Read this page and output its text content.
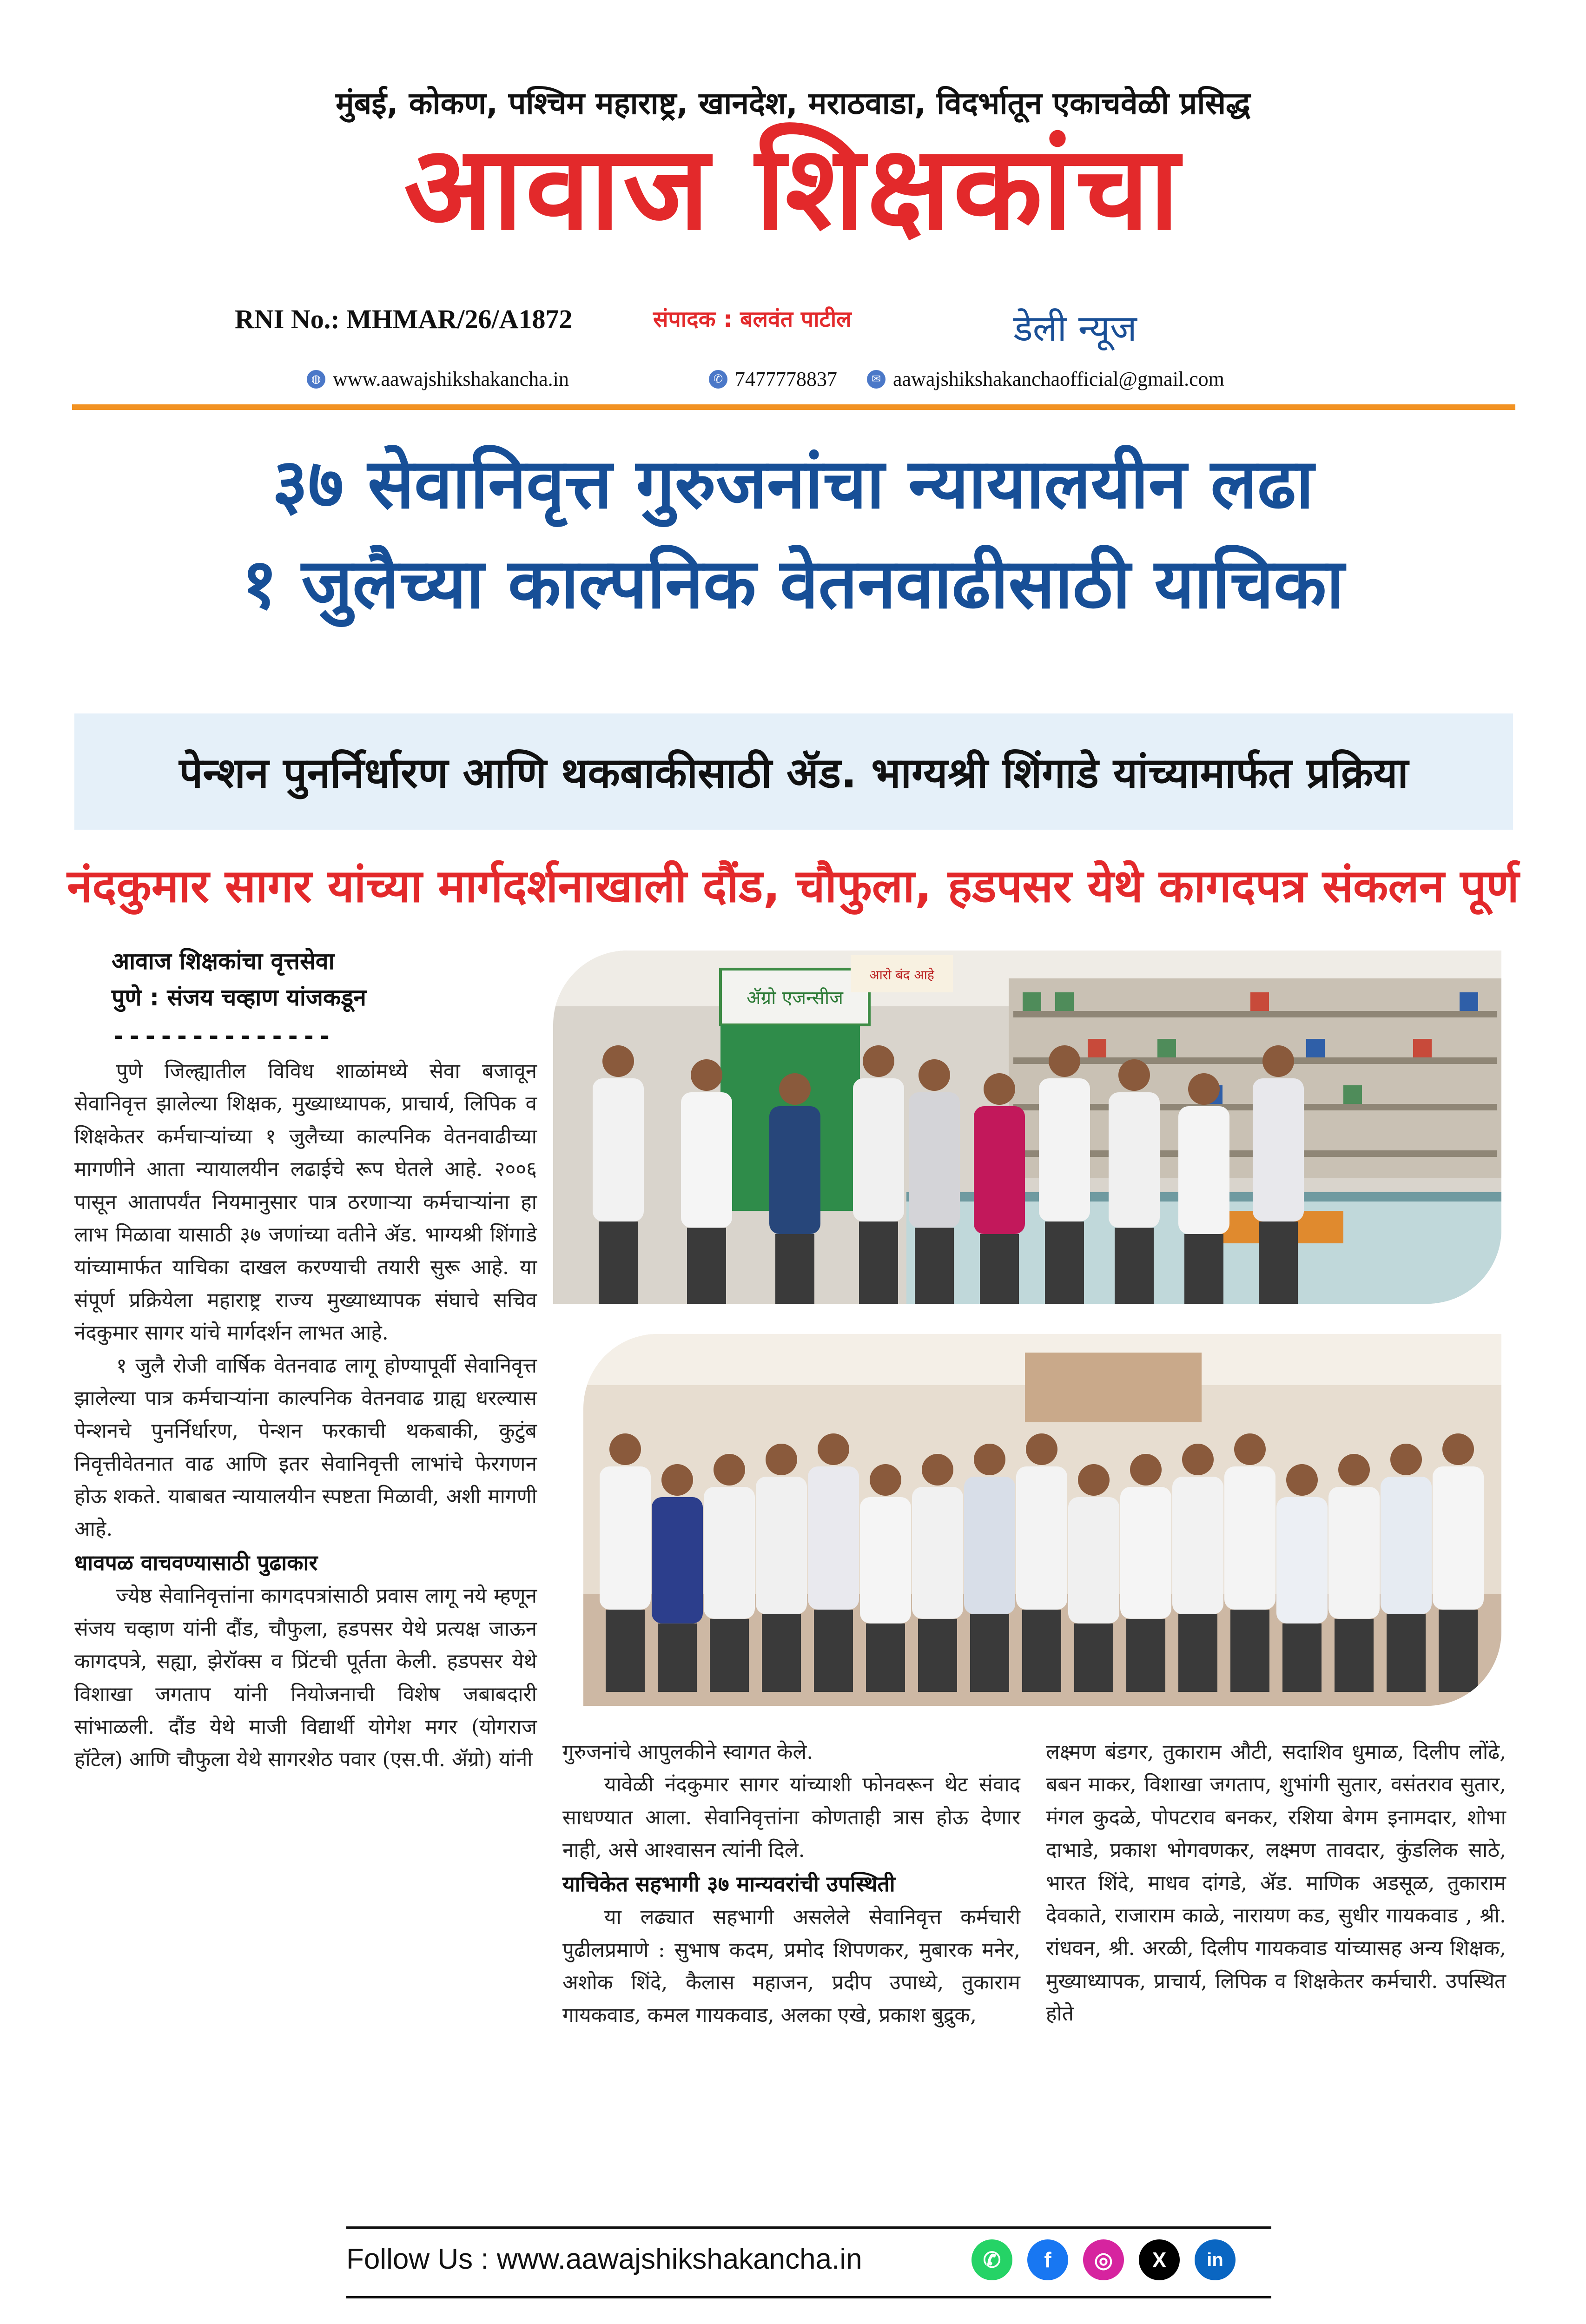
मुंबई, कोकण, पश्चिम महाराष्ट्र, खानदेश, मराठवाडा, विदर्भातून एकाचवेळी प्रसिद्ध
आवाज शिक्षकांचा
RNI No.: MHMAR/26/A1872	संपादक : बलवंत पाटील	डेली न्यूज
◍ www.aawajshikshakancha.in	✆ 7477778837	✉ aawajshikshakanchaofficial@gmail.com
३७ सेवानिवृत्त गुरुजनांचा न्यायालयीन लढा
१ जुलैच्या काल्पनिक वेतनवाढीसाठी याचिका
पेन्शन पुनर्निर्धारण आणि थकबाकीसाठी ॲड. भाग्यश्री शिंगाडे यांच्यामार्फत प्रक्रिया
नंदकुमार सागर यांच्या मार्गदर्शनाखाली दौंड, चौफुला, हडपसर येथे कागदपत्र संकलन पूर्ण
आवाज शिक्षकांचा वृत्तसेवा
पुणे : संजय चव्हाण यांजकडून
--------------

पुणे जिल्ह्यातील विविध शाळांमध्ये सेवा बजावून सेवानिवृत्त झालेल्या शिक्षक, मुख्याध्यापक, प्राचार्य, लिपिक व शिक्षकेतर कर्मचाऱ्यांच्या १ जुलैच्या काल्पनिक वेतनवाढीच्या मागणीने आता न्यायालयीन लढाईचे रूप घेतले आहे. २००६ पासून आतापर्यंत नियमानुसार पात्र ठरणाऱ्या कर्मचाऱ्यांना हा लाभ मिळावा यासाठी ३७ जणांच्या वतीने ॲड. भाग्यश्री शिंगाडे यांच्यामार्फत याचिका दाखल करण्याची तयारी सुरू आहे. या संपूर्ण प्रक्रियेला महाराष्ट्र राज्य मुख्याध्यापक संघाचे सचिव नंदकुमार सागर यांचे मार्गदर्शन लाभत आहे.

१ जुलै रोजी वार्षिक वेतनवाढ लागू होण्यापूर्वी सेवानिवृत्त झालेल्या पात्र कर्मचाऱ्यांना काल्पनिक वेतनवाढ ग्राह्य धरल्यास पेन्शनचे पुनर्निर्धारण, पेन्शन फरकाची थकबाकी, कुटुंब निवृत्तीवेतनात वाढ आणि इतर सेवानिवृत्ती लाभांचे फेरगणन होऊ शकते. याबाबत न्यायालयीन स्पष्टता मिळावी, अशी मागणी आहे.

धावपळ वाचवण्यासाठी पुढाकार

ज्येष्ठ सेवानिवृत्तांना कागदपत्रांसाठी प्रवास लागू नये म्हणून संजय चव्हाण यांनी दौंड, चौफुला, हडपसर येथे प्रत्यक्ष जाऊन कागदपत्रे, सह्या, झेरॉक्स व प्रिंटची पूर्तता केली. हडपसर येथे विशाखा जगताप यांनी नियोजनाची विशेष जबाबदारी सांभाळली. दौंड येथे माजी विद्यार्थी योगेश मगर (योगराज हॉटेल) आणि चौफुला येथे सागरशेठ पवार (एस.पी. ॲग्रो) यांनी

ॲग्रो एजन्सीज
आरो बंद आहे

गुरुजनांचे आपुलकीने स्वागत केले.

यावेळी नंदकुमार सागर यांच्याशी फोनवरून थेट संवाद साधण्यात आला. सेवानिवृत्तांना कोणताही त्रास होऊ देणार नाही, असे आश्वासन त्यांनी दिले.

याचिकेत सहभागी ३७ मान्यवरांची उपस्थिती

या लढ्यात सहभागी असलेले सेवानिवृत्त कर्मचारी पुढीलप्रमाणे : सुभाष कदम, प्रमोद शिपणकर, मुबारक मनेर, अशोक शिंदे, कैलास महाजन, प्रदीप उपाध्ये, तुकाराम गायकवाड, कमल गायकवाड, अलका एखे, प्रकाश बुद्रुक,

लक्ष्मण बंडगर, तुकाराम औटी, सदाशिव धुमाळ, दिलीप लोंढे, बबन माकर, विशाखा जगताप, शुभांगी सुतार, वसंतराव सुतार, मंगल कुदळे, पोपटराव बनकर, रशिया बेगम इनामदार, शोभा दाभाडे, प्रकाश भोगवणकर, लक्ष्मण तावदार, कुंडलिक साठे, भारत शिंदे, माधव दांगडे, ॲड. माणिक अडसूळ, तुकाराम देवकाते, राजाराम काळे, नारायण कड, सुधीर गायकवाड , श्री. रांधवन, श्री. अरळी, दिलीप गायकवाड यांच्यासह अन्य शिक्षक, मुख्याध्यापक, प्राचार्य, लिपिक व शिक्षकेतर कर्मचारी. उपस्थित होते

Follow Us : www.aawajshikshakancha.in	✆	f	◎	X	in
